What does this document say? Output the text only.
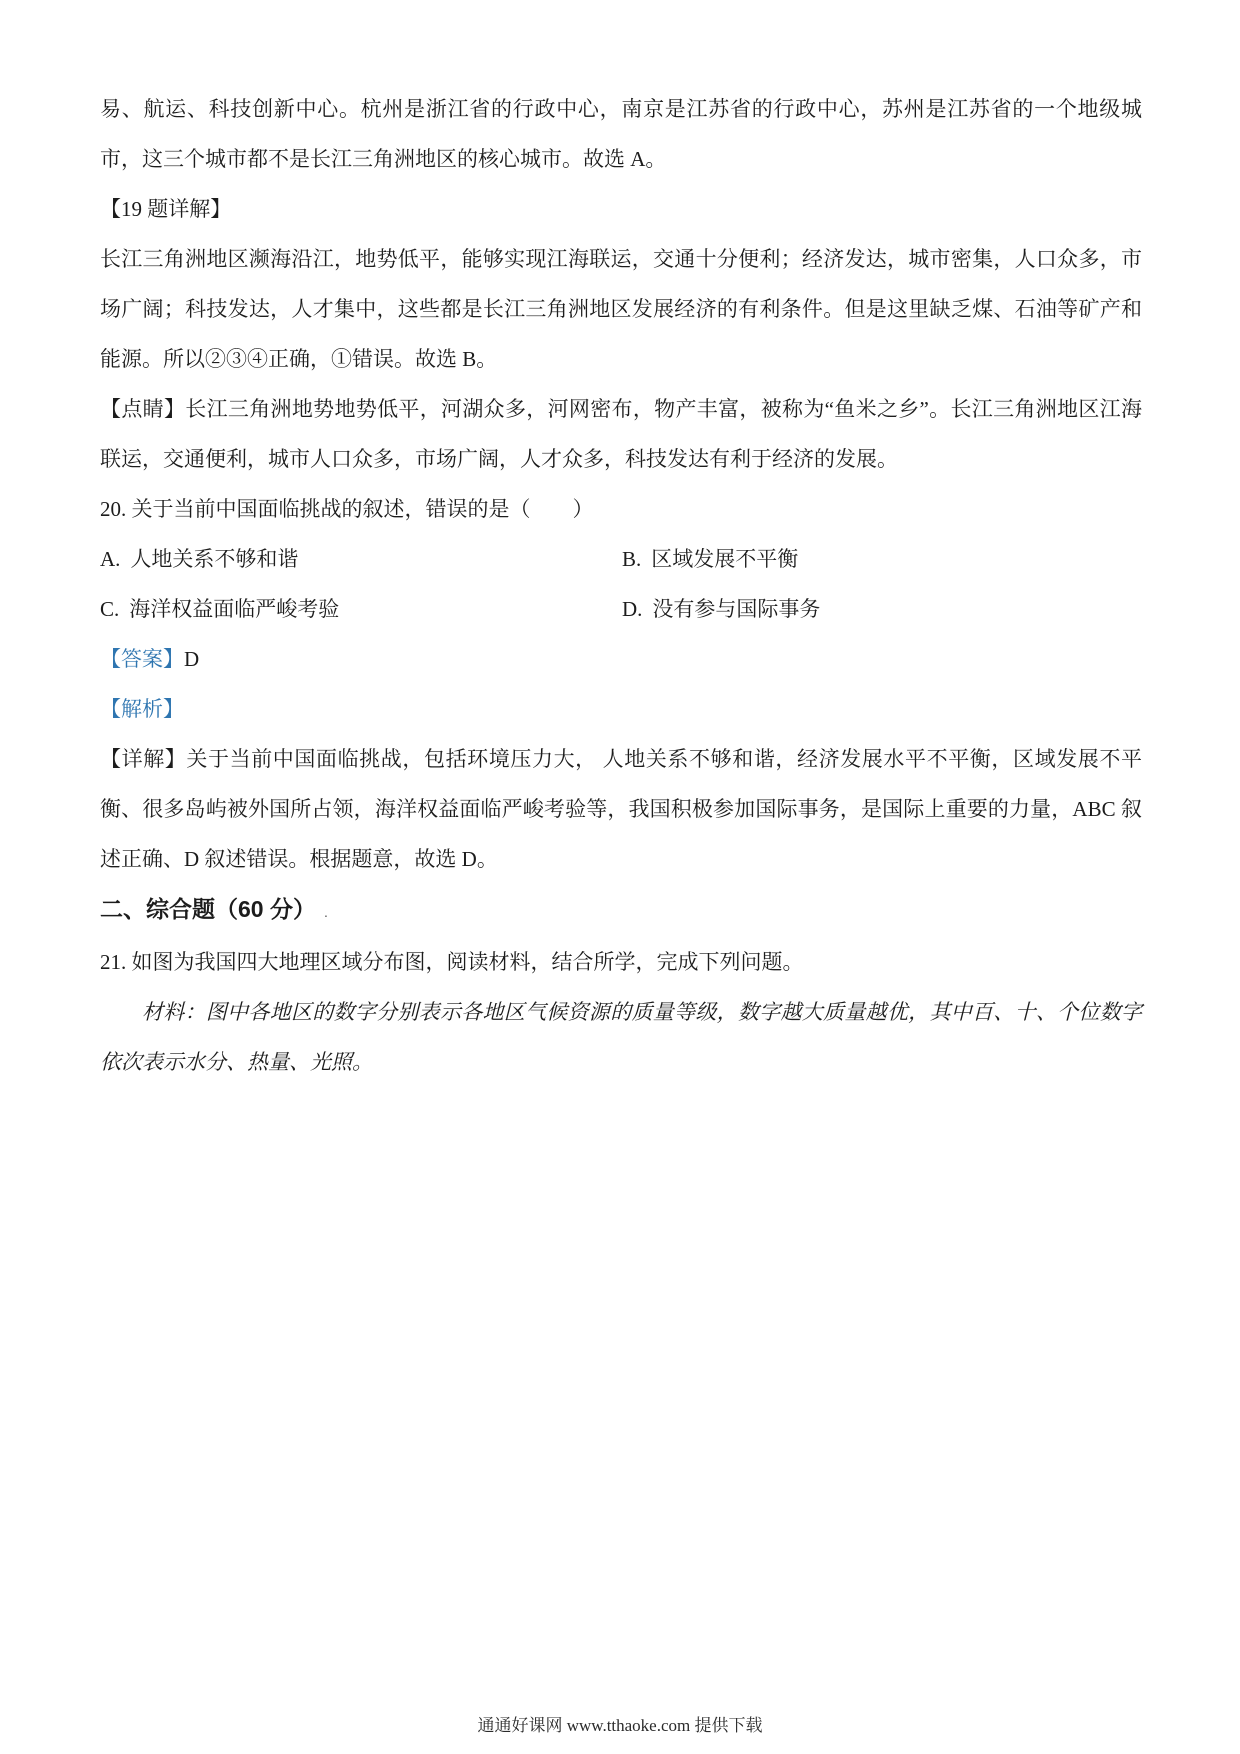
易、航运、科技创新中心。杭州是浙江省的行政中心，南京是江苏省的行政中心，苏州是江苏省的一个地级城市，这三个城市都不是长江三角洲地区的核心城市。故选 A。

【19 题详解】

长江三角洲地区濒海沿江，地势低平，能够实现江海联运，交通十分便利；经济发达，城市密集，人口众多，市场广阔；科技发达，人才集中，这些都是长江三角洲地区发展经济的有利条件。但是这里缺乏煤、石油等矿产和能源。所以②③④正确，①错误。故选 B。

【点睛】长江三角洲地势地势低平，河湖众多，河网密布，物产丰富，被称为“鱼米之乡”。长江三角洲地区江海联运，交通便利，城市人口众多，市场广阔，人才众多，科技发达有利于经济的发展。

20. 关于当前中国面临挑战的叙述，错误的是（　　）

A. 人地关系不够和谐	B. 区域发展不平衡
C. 海洋权益面临严峻考验	D. 没有参与国际事务

【答案】D

【解析】

【详解】关于当前中国面临挑战，包括环境压力大， 人地关系不够和谐，经济发展水平不平衡，区域发展不平衡、很多岛屿被外国所占领，海洋权益面临严峻考验等，我国积极参加国际事务，是国际上重要的力量，ABC 叙述正确、D 叙述错误。根据题意，故选 D。

二、综合题（60 分） .

21. 如图为我国四大地理区域分布图，阅读材料，结合所学，完成下列问题。

材料：图中各地区的数字分别表示各地区气候资源的质量等级，数字越大质量越优，其中百、十、个位数字依次表示水分、热量、光照。

通通好课网 www.tthaoke.com 提供下载
